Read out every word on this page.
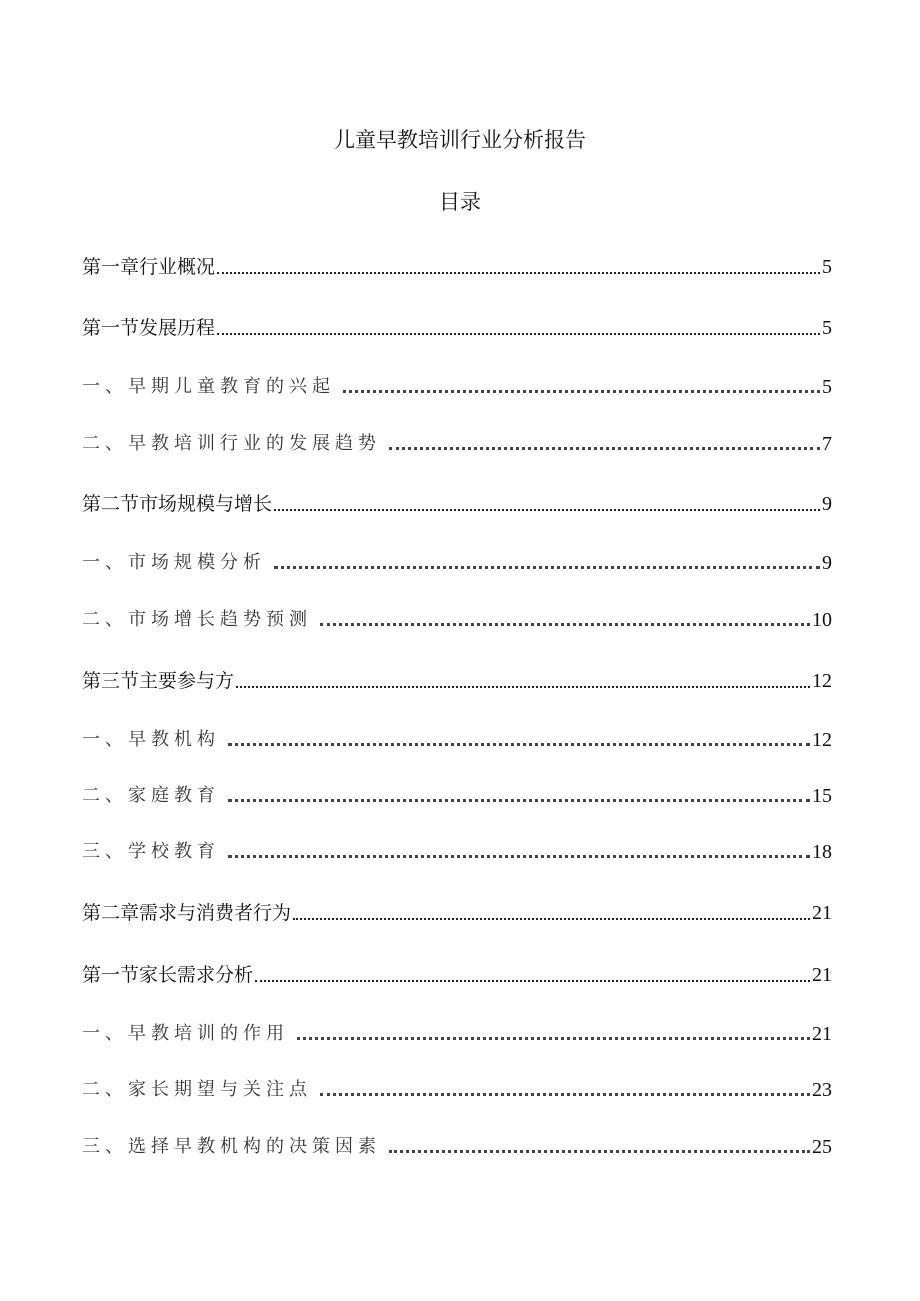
儿童早教培训行业分析报告
目录
第一章行业概况	5
第一节发展历程	5
一、早期儿童教育的兴起	5
二、早教培训行业的发展趋势	7
第二节市场规模与增长	9
一、市场规模分析	9
二、市场增长趋势预测	10
第三节主要参与方	12
一、早教机构	12
二、家庭教育	15
三、学校教育	18
第二章需求与消费者行为	21
第一节家长需求分析	21
一、早教培训的作用	21
二、家长期望与关注点	23
三、选择早教机构的决策因素	25
